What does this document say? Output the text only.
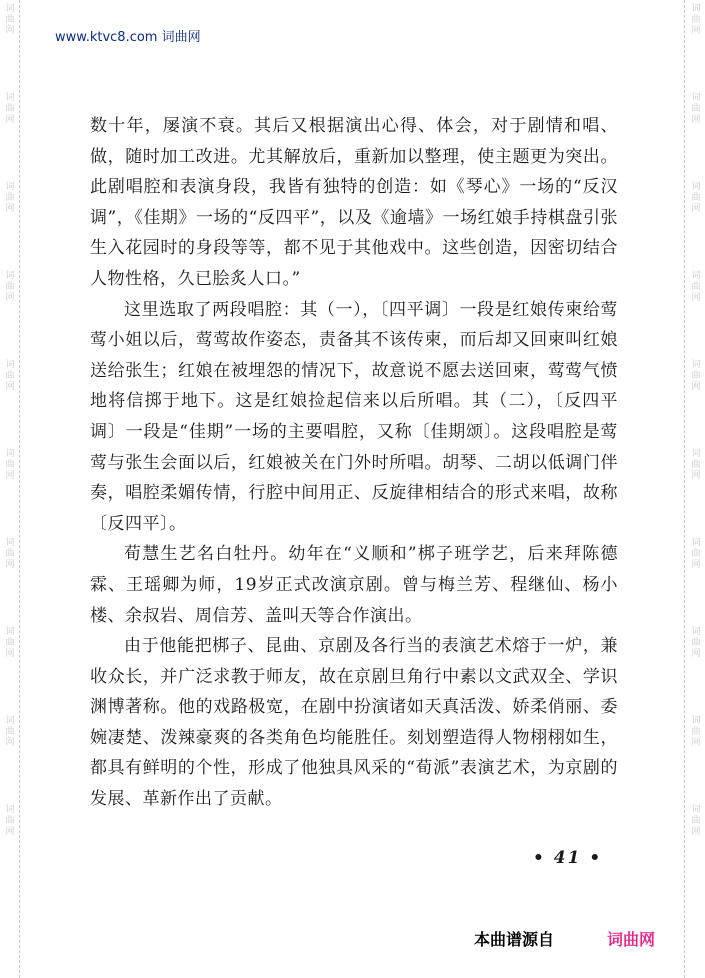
词曲网
词曲网
词曲网
词曲网
词曲网
词曲网
词曲网
词曲网
词曲网
词曲网
词曲网
词曲网
词曲网
词曲网
词曲网
词曲网
词曲网
词曲网
词曲网
词曲网
www.ktvc8.com 词曲网

数十年，屡演不衰。其后又根据演出心得、体会，对于剧情和唱、做，随时加工改进。尤其解放后，重新加以整理，使主题更为突出。此剧唱腔和表演身段，我皆有独特的创造：如《琴心》一场的“反汉调”，《佳期》一场的“反四平”，以及《逾墙》一场红娘手持棋盘引张生入花园时的身段等等，都不见于其他戏中。这些创造，因密切结合人物性格，久已脍炙人口。”

这里选取了两段唱腔：其（一），〔四平调〕一段是红娘传柬给莺莺小姐以后，莺莺故作姿态，责备其不该传柬，而后却又回柬叫红娘送给张生；红娘在被埋怨的情况下，故意说不愿去送回柬，莺莺气愤地将信掷于地下。这是红娘捡起信来以后所唱。其（二），〔反四平调〕一段是“佳期”一场的主要唱腔，又称〔佳期颂〕。这段唱腔是莺莺与张生会面以后，红娘被关在门外时所唱。胡琴、二胡以低调门伴奏，唱腔柔媚传情，行腔中间用正、反旋律相结合的形式来唱，故称〔反四平〕。

荀慧生艺名白牡丹。幼年在“义顺和”梆子班学艺，后来拜陈德霖、王瑶卿为师，19岁正式改演京剧。曾与梅兰芳、程继仙、杨小楼、余叔岩、周信芳、盖叫天等合作演出。

由于他能把梆子、昆曲、京剧及各行当的表演艺术熔于一炉，兼收众长，并广泛求教于师友，故在京剧旦角行中素以文武双全、学识渊博著称。他的戏路极宽，在剧中扮演诸如天真活泼、娇柔俏丽、委婉凄楚、泼辣豪爽的各类角色均能胜任。刻划塑造得人物栩栩如生，都具有鲜明的个性，形成了他独具风采的“荀派”表演艺术，为京剧的发展、革新作出了贡献。

• 41 •
本曲谱源自	词曲网
